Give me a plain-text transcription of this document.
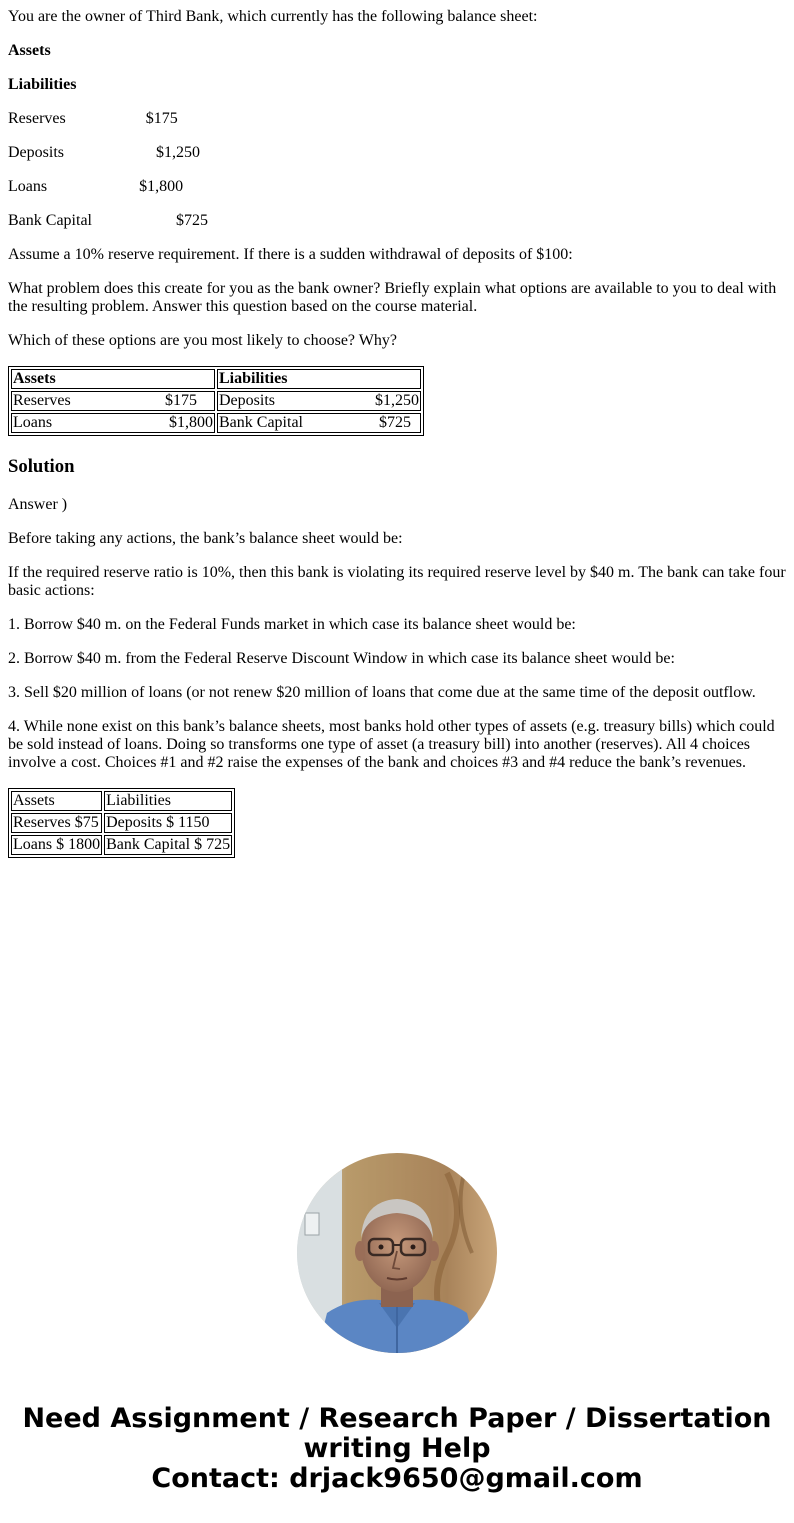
You are the owner of Third Bank, which currently has the following balance sheet:

Assets

Liabilities

Reserves	$175

Deposits	$1,250

Loans	$1,800

Bank Capital	$725

Assume a 10% reserve requirement. If there is a sudden withdrawal of deposits of $100:

What problem does this create for you as the bank owner? Briefly explain what options are available to you to deal with the resulting problem. Answer this question based on the course material.

Which of these options are you most likely to choose? Why?

Assets	Liabilities

Reserves $175	Deposits $1,250

Loans $1,800	Bank Capital $725
Solution

Answer )

Before taking any actions, the bank’s balance sheet would be:

If the required reserve ratio is 10%, then this bank is violating its required reserve level by $40 m. The bank can take four basic actions:

1. Borrow $40 m. on the Federal Funds market in which case its balance sheet would be:

2. Borrow $40 m. from the Federal Reserve Discount Window in which case its balance sheet would be:

3. Sell $20 million of loans (or not renew $20 million of loans that come due at the same time of the deposit outflow.

4. While none exist on this bank’s balance sheets, most banks hold other types of assets (e.g. treasury bills) which could be sold instead of loans. Doing so transforms one type of asset (a treasury bill) into another (reserves). All 4 choices involve a cost. Choices #1 and #2 raise the expenses of the bank and choices #3 and #4 reduce the bank’s revenues.

Assets	Liabilities
Reserves $75	Deposits $ 1150
Loans $ 1800	Bank Capital $ 725
Need Assignment / Research Paper / Dissertation
writing Help
Contact: drjack9650@gmail.com
